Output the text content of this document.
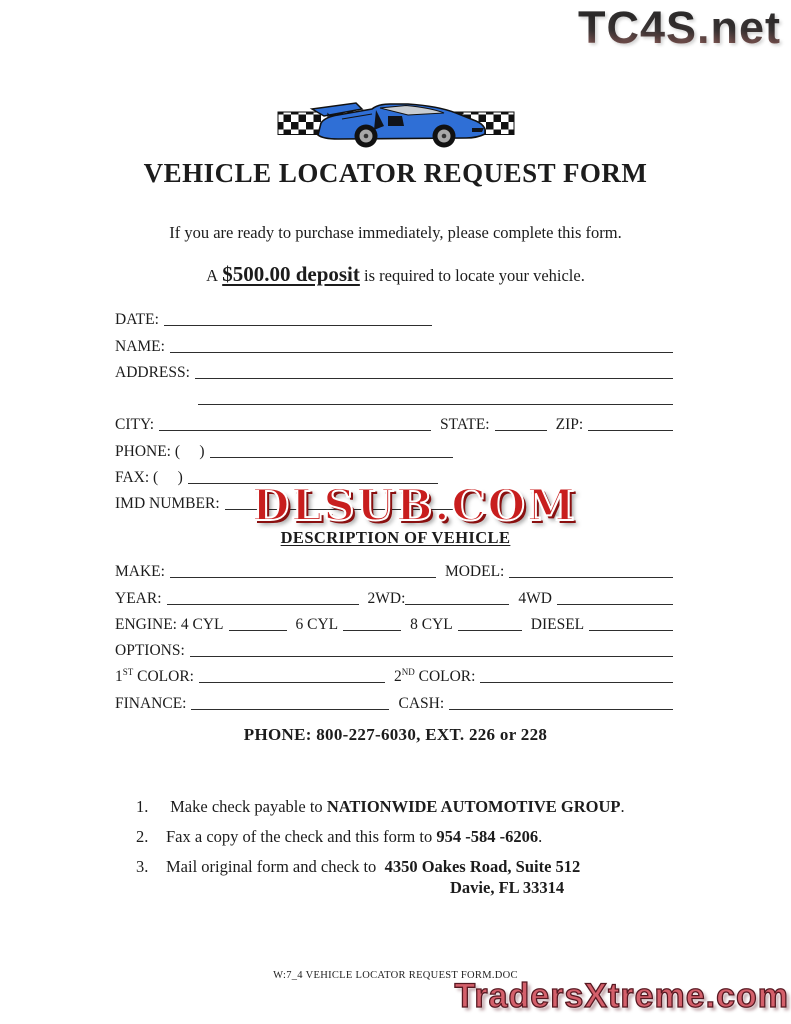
TC4S.net
VEHICLE LOCATOR REQUEST FORM

If you are ready to purchase immediately, please complete this form.

A $500.00 deposit is required to locate your vehicle.

DATE:
NAME:
ADDRESS:
CITY:	STATE:	ZIP:
PHONE: (     )
FAX: (     )
IMD NUMBER: DLSUB.COM
DESCRIPTION OF VEHICLE
MAKE:	MODEL:
YEAR:	2WD:	4WD
ENGINE: 4 CYL	6 CYL	8 CYL	DIESEL
OPTIONS:
1ST COLOR:	2ND COLOR:
FINANCE:	CASH:
PHONE: 800-227-6030, EXT. 226 or 228
1.	Make check payable to NATIONWIDE AUTOMOTIVE GROUP.
2.	Fax a copy of the check and this form to 954 -584 -6206.
3.	Mail original form and check to  4350 Oakes Road, Suite 512
Davie, FL 33314
W:7_4 VEHICLE LOCATOR REQUEST FORM.DOC
TradersXtreme.com
